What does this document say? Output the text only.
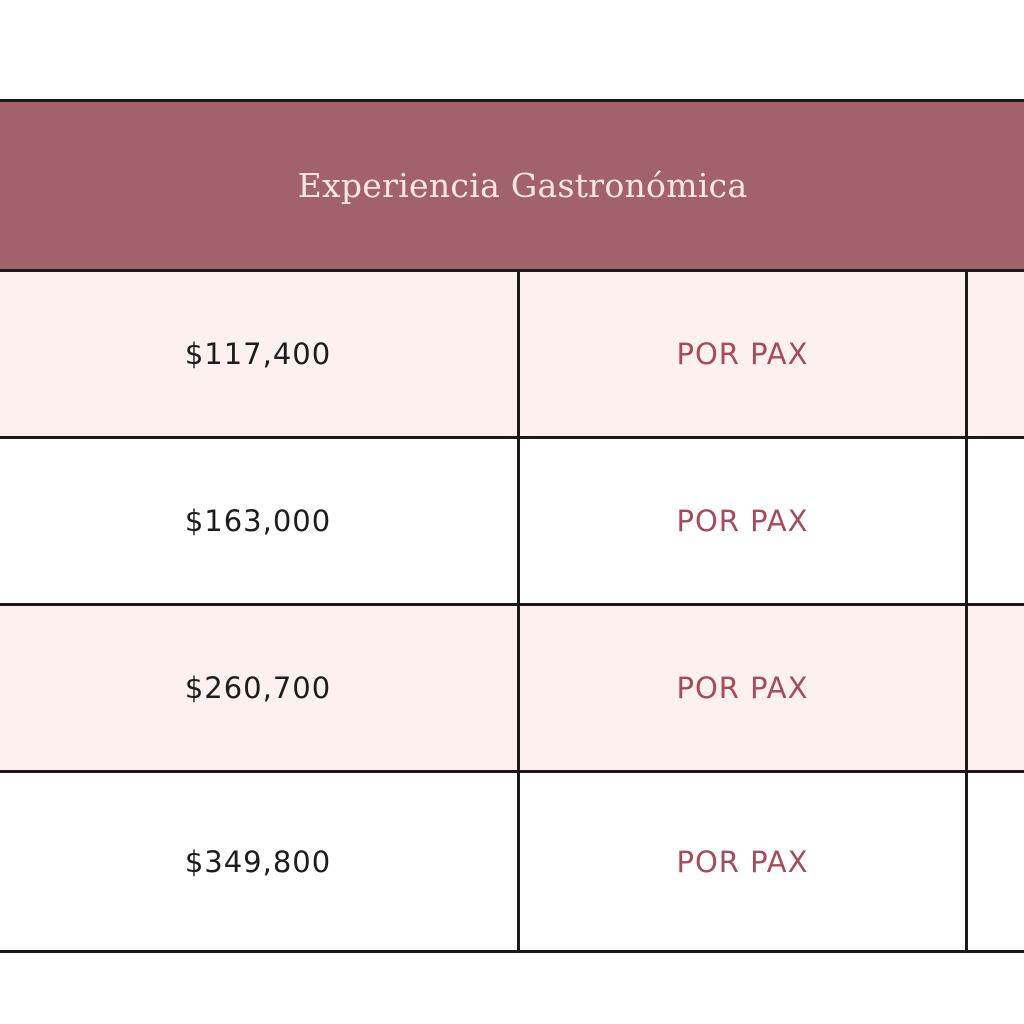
Experiencia Gastronómica
$117,400	POR PAX
$163,000	POR PAX
$260,700	POR PAX
$349,800	POR PAX
